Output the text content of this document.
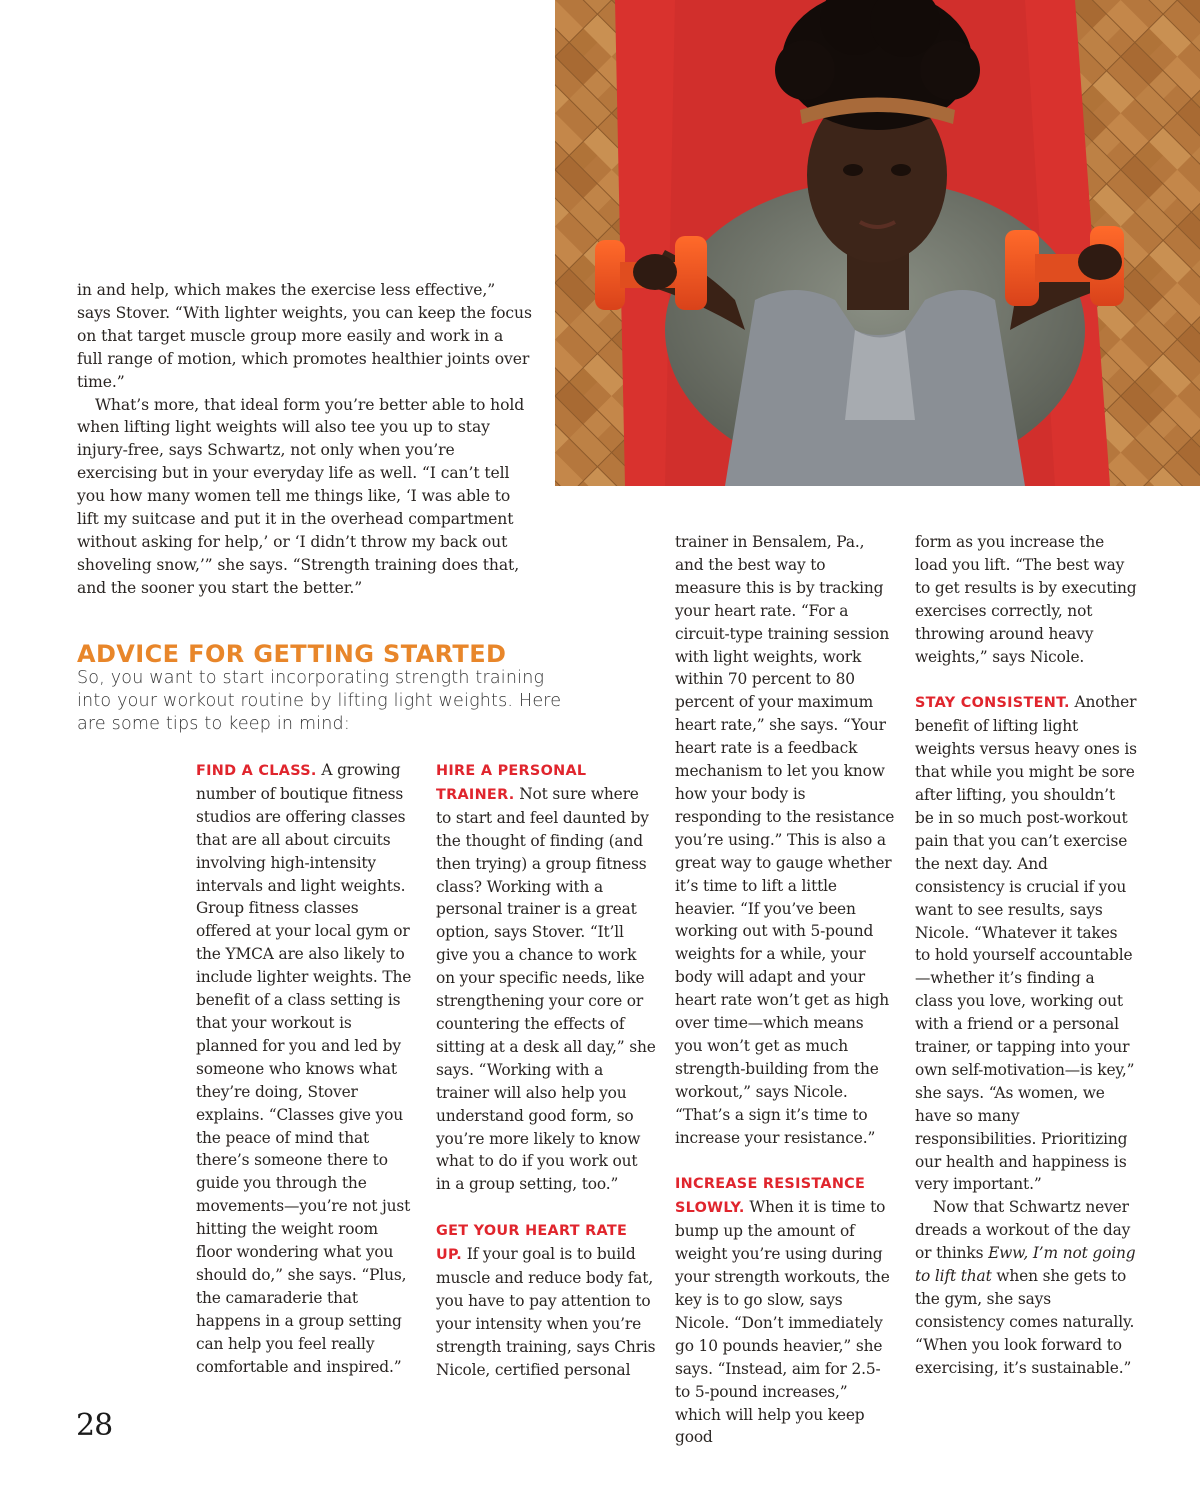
in and help, which makes the exercise less effective,” says Stover. “With lighter weights, you can keep the focus on that target muscle group more easily and work in a full range of motion, which promotes healthier joints over time.”

What’s more, that ideal form you’re better able to hold when lifting light weights will also tee you up to stay injury-free, says Schwartz, not only when you’re exercising but in your everyday life as well. “I can’t tell you how many women tell me things like, ‘I was able to lift my suitcase and put it in the overhead compartment without asking for help,’ or ‘I didn’t throw my back out shoveling snow,’” she says. “Strength training does that, and the sooner you start the better.”

ADVICE FOR GETTING STARTED
So, you want to start incorporating strength training into your workout routine by lifting light weights. Here are some tips to keep in mind:

FIND A CLASS. A growing number of boutique fitness studios are offering classes that are all about circuits involving high-intensity intervals and light weights. Group fitness classes offered at your local gym or the YMCA are also likely to include lighter weights. The benefit of a class setting is that your workout is planned for you and led by someone who knows what they’re doing, Stover explains. “Classes give you the peace of mind that there’s someone there to guide you through the movements—you’re not just hitting the weight room floor wondering what you should do,” she says. “Plus, the camaraderie that happens in a group setting can help you feel really comfortable and inspired.”

HIRE A PERSONAL TRAINER. Not sure where to start and feel daunted by the thought of finding (and then trying) a group fitness class? Working with a personal trainer is a great option, says Stover. “It’ll give you a chance to work on your specific needs, like strengthening your core or countering the effects of sitting at a desk all day,” she says. “Working with a trainer will also help you understand good form, so you’re more likely to know what to do if you work out in a group setting, too.”

GET YOUR HEART RATE UP. If your goal is to build muscle and reduce body fat, you have to pay attention to your intensity when you’re strength training, says Chris Nicole, certified personal

trainer in Bensalem, Pa., and the best way to measure this is by tracking your heart rate. “For a circuit-type training session with light weights, work within 70 percent to 80 percent of your maximum heart rate,” she says. “Your heart rate is a feedback mechanism to let you know how your body is responding to the resistance you’re using.” This is also a great way to gauge whether it’s time to lift a little heavier. “If you’ve been working out with 5-pound weights for a while, your body will adapt and your heart rate won’t get as high over time—which means you won’t get as much strength-building from the workout,” says Nicole. “That’s a sign it’s time to increase your resistance.”

INCREASE RESISTANCE SLOWLY. When it is time to bump up the amount of weight you’re using during your strength workouts, the key is to go slow, says Nicole. “Don’t immediately go 10 pounds heavier,” she says. “Instead, aim for 2.5- to 5-pound increases,” which will help you keep good

form as you increase the load you lift. “The best way to get results is by executing exercises correctly, not throwing around heavy weights,” says Nicole.

STAY CONSISTENT. Another benefit of lifting light weights versus heavy ones is that while you might be sore after lifting, you shouldn’t be in so much post-workout pain that you can’t exercise the next day. And consistency is crucial if you want to see results, says Nicole. “Whatever it takes to hold yourself accountable—whether it’s finding a class you love, working out with a friend or a personal trainer, or tapping into your own self-motivation—is key,” she says. “As women, we have so many responsibilities. Prioritizing our health and happiness is very important.”

Now that Schwartz never dreads a workout of the day or thinks Eww, I’m not going to lift that when she gets to the gym, she says consistency comes naturally. “When you look forward to exercising, it’s sustainable.”

28
